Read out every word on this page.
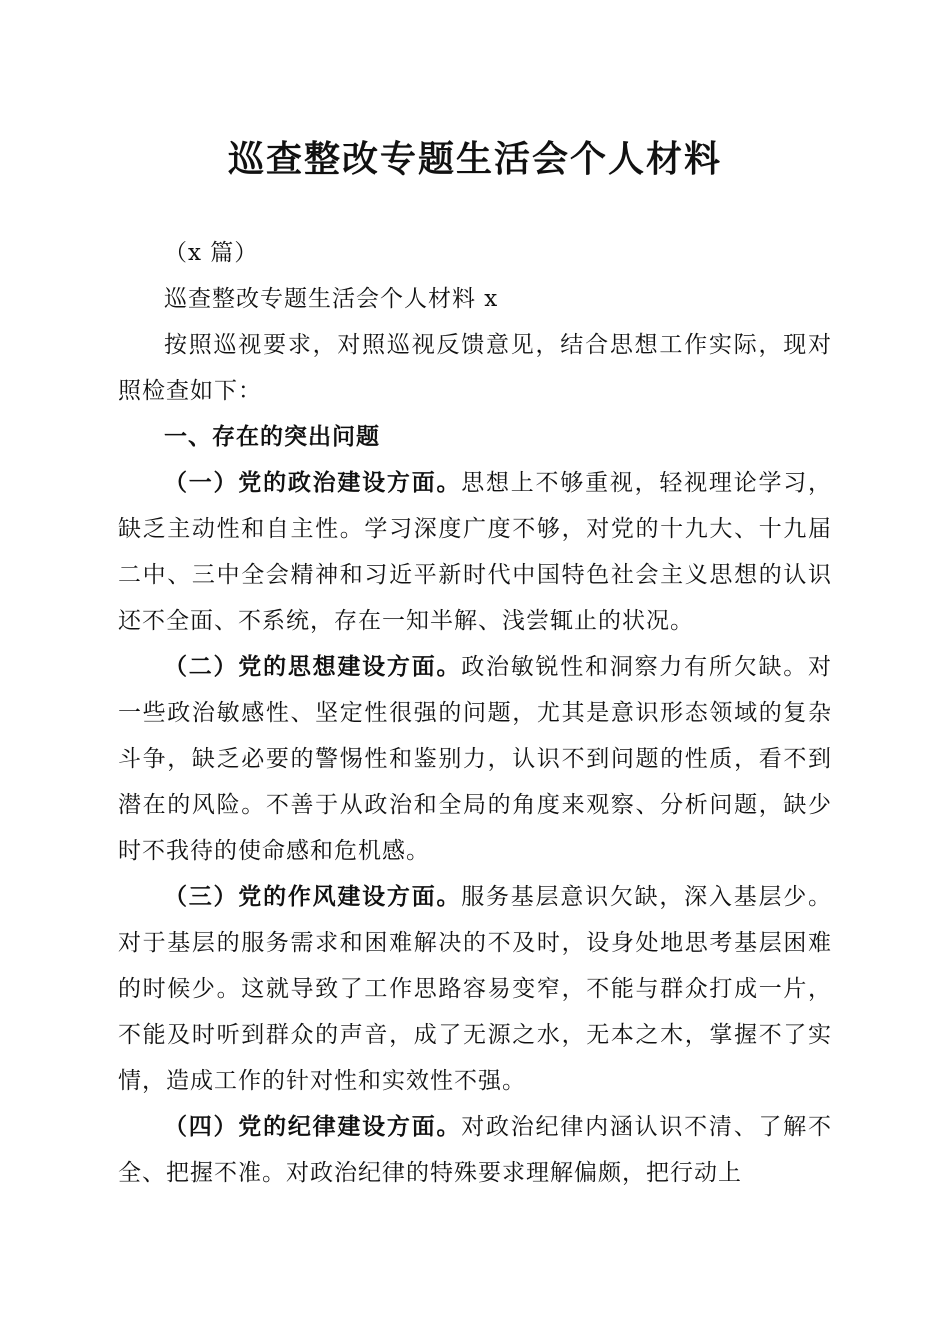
巡查整改专题生活会个人材料

（x 篇）

巡查整改专题生活会个人材料 x

按照巡视要求，对照巡视反馈意见，结合思想工作实际，现对照检查如下：

一、存在的突出问题

（一）党的政治建设方面。思想上不够重视，轻视理论学习，缺乏主动性和自主性。学习深度广度不够，对党的十九大、十九届二中、三中全会精神和习近平新时代中国特色社会主义思想的认识还不全面、不系统，存在一知半解、浅尝辄止的状况。

（二）党的思想建设方面。政治敏锐性和洞察力有所欠缺。对一些政治敏感性、坚定性很强的问题，尤其是意识形态领域的复杂斗争，缺乏必要的警惕性和鉴别力，认识不到问题的性质，看不到潜在的风险。不善于从政治和全局的角度来观察、分析问题，缺少时不我待的使命感和危机感。

（三）党的作风建设方面。服务基层意识欠缺，深入基层少。对于基层的服务需求和困难解决的不及时，设身处地思考基层困难的时候少。这就导致了工作思路容易变窄，不能与群众打成一片，不能及时听到群众的声音，成了无源之水，无本之木，掌握不了实情，造成工作的针对性和实效性不强。

（四）党的纪律建设方面。对政治纪律内涵认识不清、了解不全、把握不准。对政治纪律的特殊要求理解偏颇，把行动上
